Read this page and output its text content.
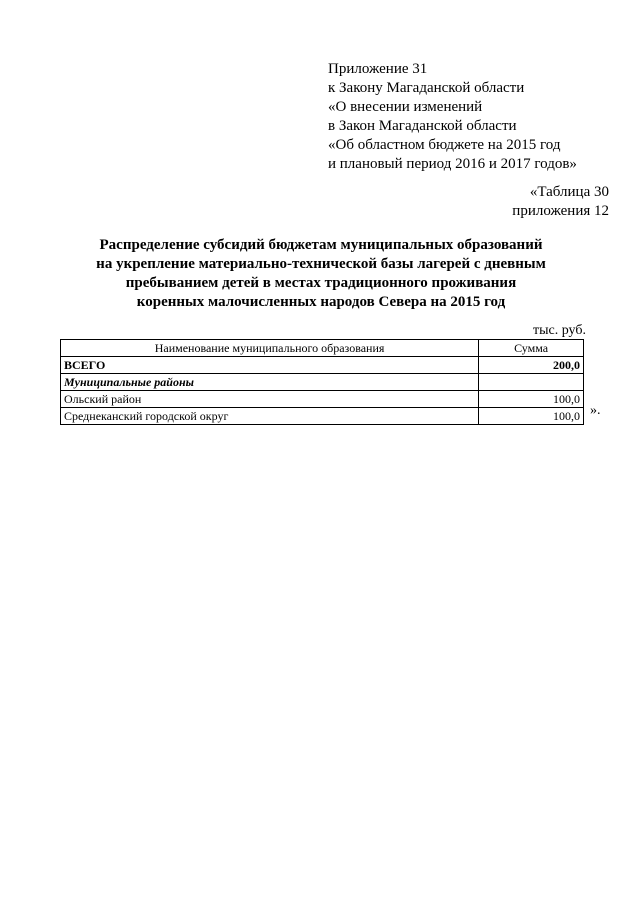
Приложение 31
к Закону Магаданской области
«О внесении изменений
в Закон Магаданской области
«Об областном бюджете на 2015 год
и плановый период 2016 и 2017 годов»
«Таблица 30
приложения 12
Распределение субсидий бюджетам муниципальных образований
на укрепление материально-технической базы лагерей с дневным
пребыванием детей в местах традиционного проживания
коренных малочисленных народов Севера на 2015 год
тыс. руб.
Наименование муниципального образования	Сумма
ВСЕГО	200,0
Муниципальные районы	
Ольский район	100,0
Среднеканский городской округ	100,0 ».
